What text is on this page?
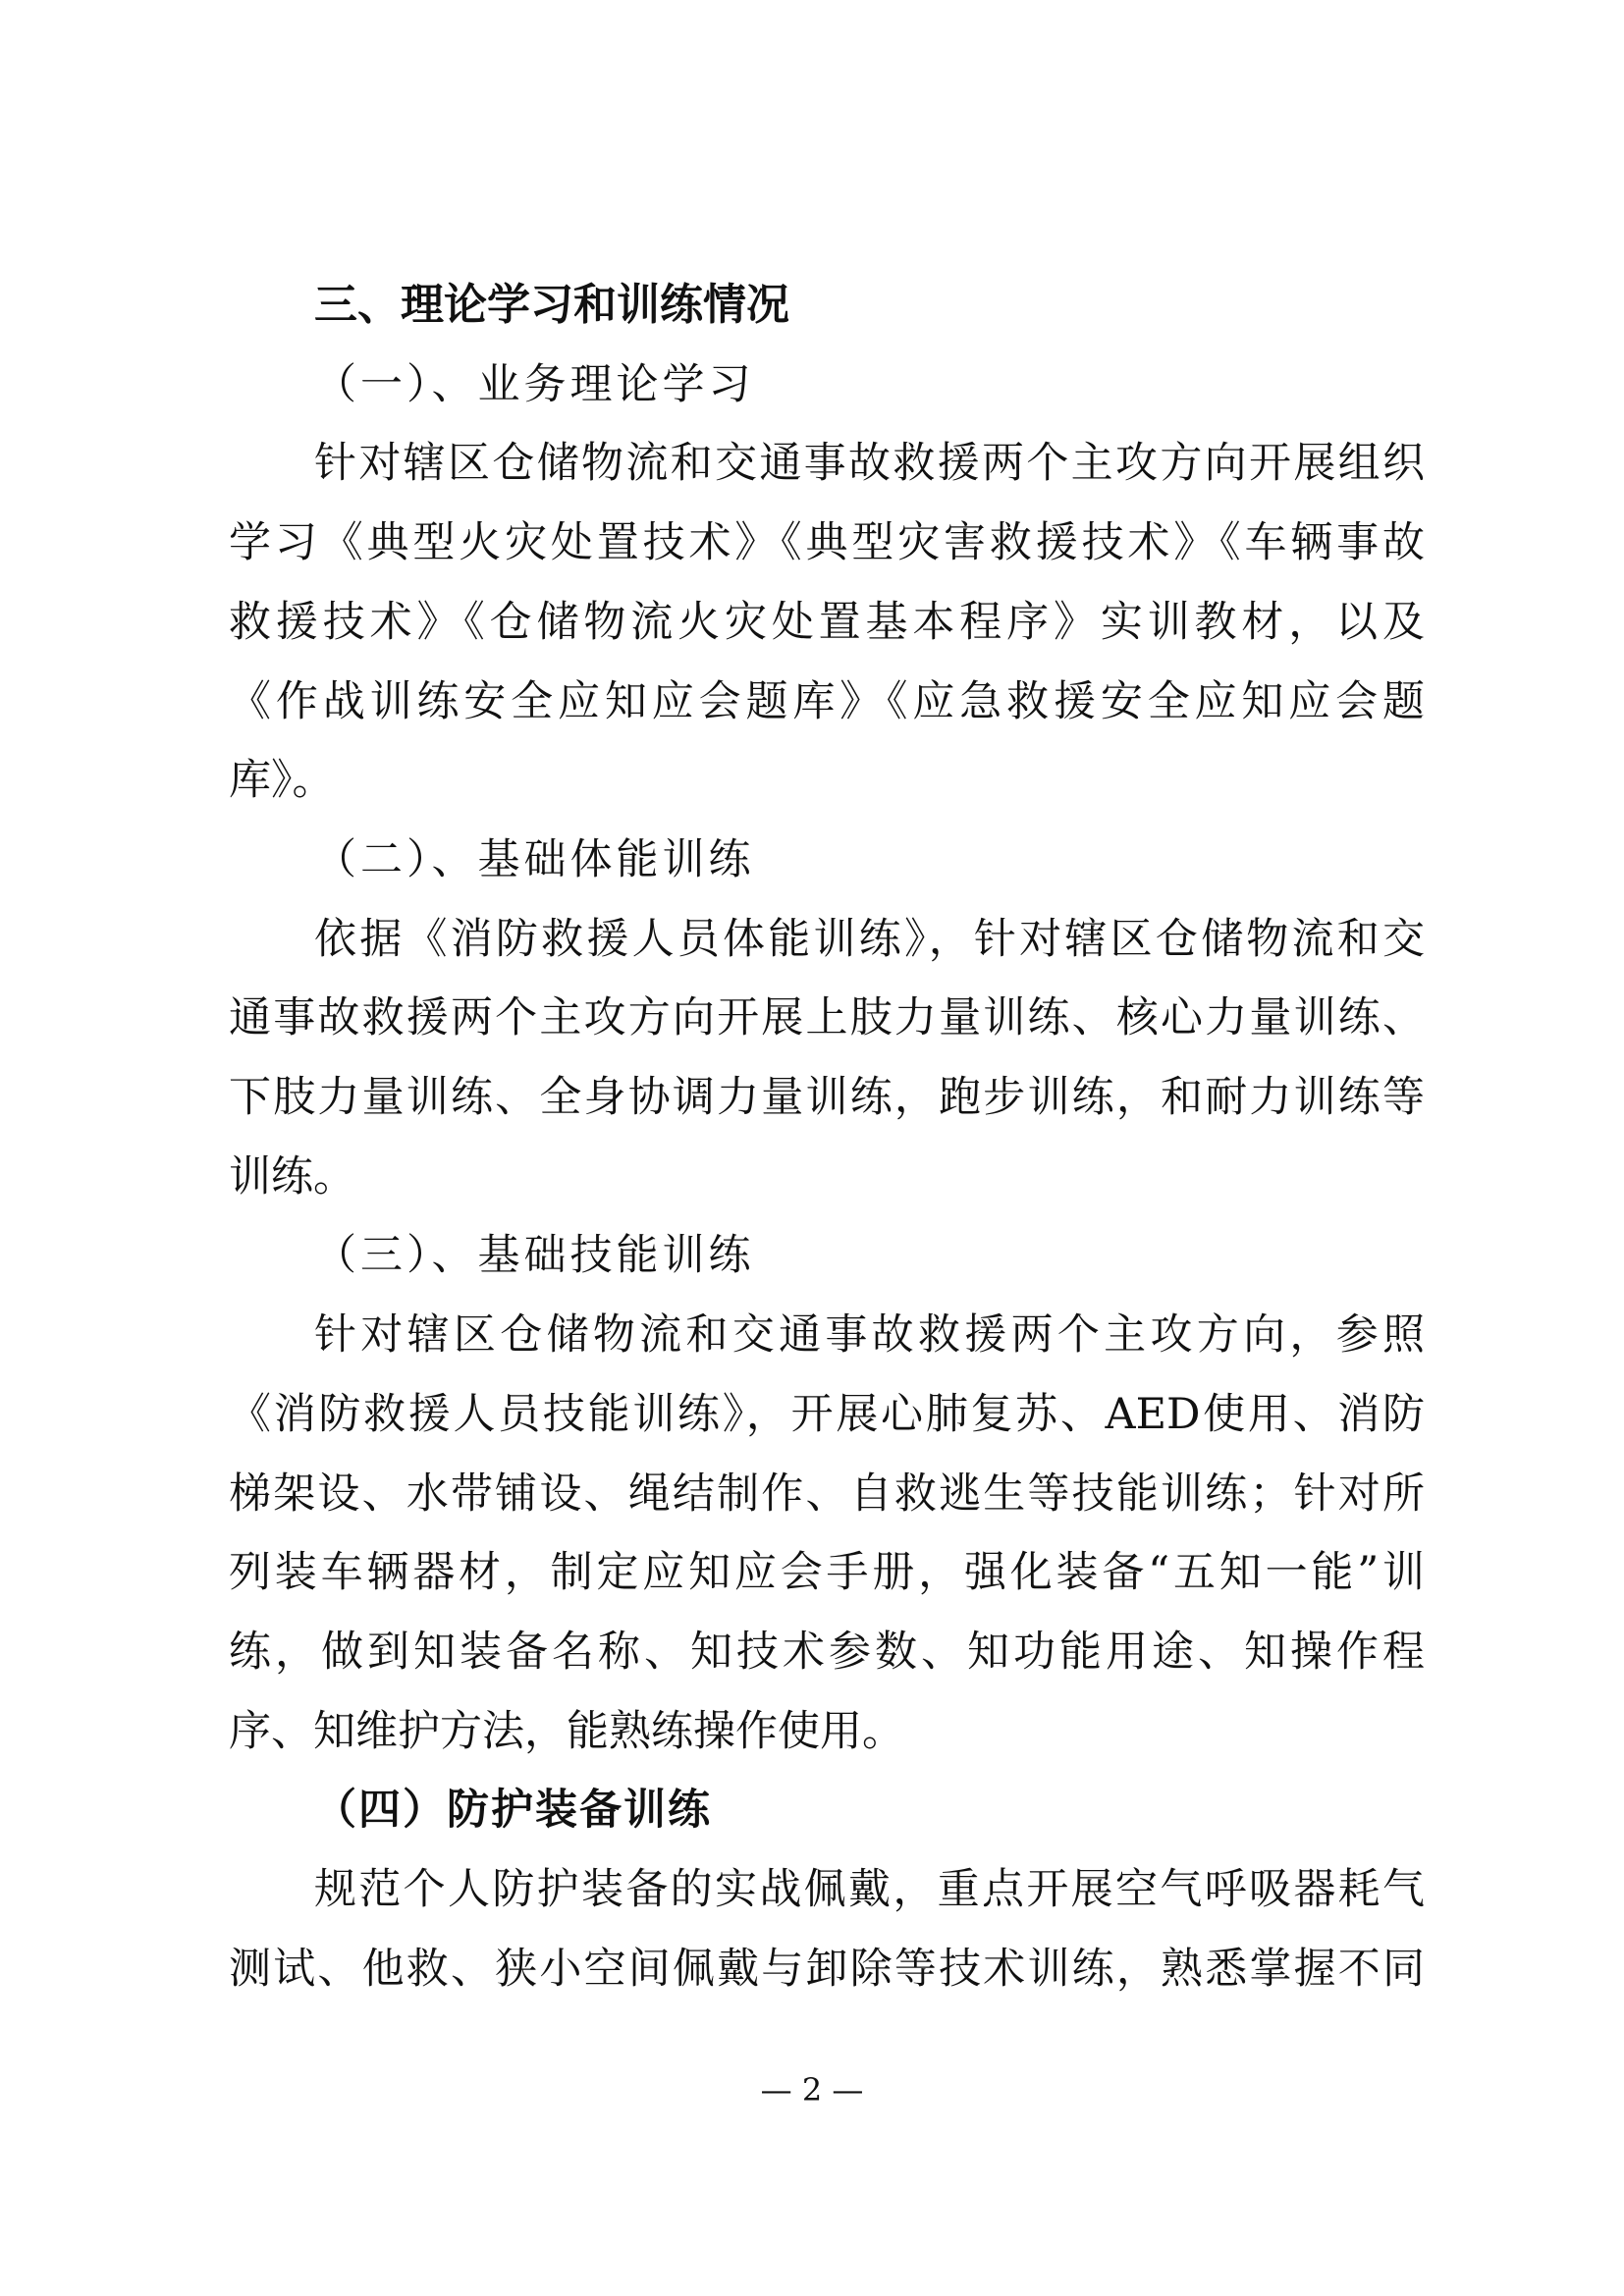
三、理论学习和训练情况
（一）、业务理论学习
针对辖区仓储物流和交通事故救援两个主攻方向开展组织
学习《典型火灾处置技术》《典型灾害救援技术》《车辆事故
救援技术》《仓储物流火灾处置基本程序》实训教材，以及
《作战训练安全应知应会题库》《应急救援安全应知应会题
库》。
（二）、基础体能训练
依据《消防救援人员体能训练》，针对辖区仓储物流和交
通事故救援两个主攻方向开展上肢力量训练、核心力量训练、
下肢力量训练、全身协调力量训练，跑步训练，和耐力训练等
训练。
（三）、基础技能训练
针对辖区仓储物流和交通事故救援两个主攻方向，参照
《消防救援人员技能训练》，开展心肺复苏、AED使用、消防
梯架设、水带铺设、绳结制作、自救逃生等技能训练；针对所
列装车辆器材，制定应知应会手册，强化装备“五知一能”训
练，做到知装备名称、知技术参数、知功能用途、知操作程
序、知维护方法，能熟练操作使用。
（四）防护装备训练
规范个人防护装备的实战佩戴，重点开展空气呼吸器耗气
测试、他救、狭小空间佩戴与卸除等技术训练，熟悉掌握不同
— 2 —
